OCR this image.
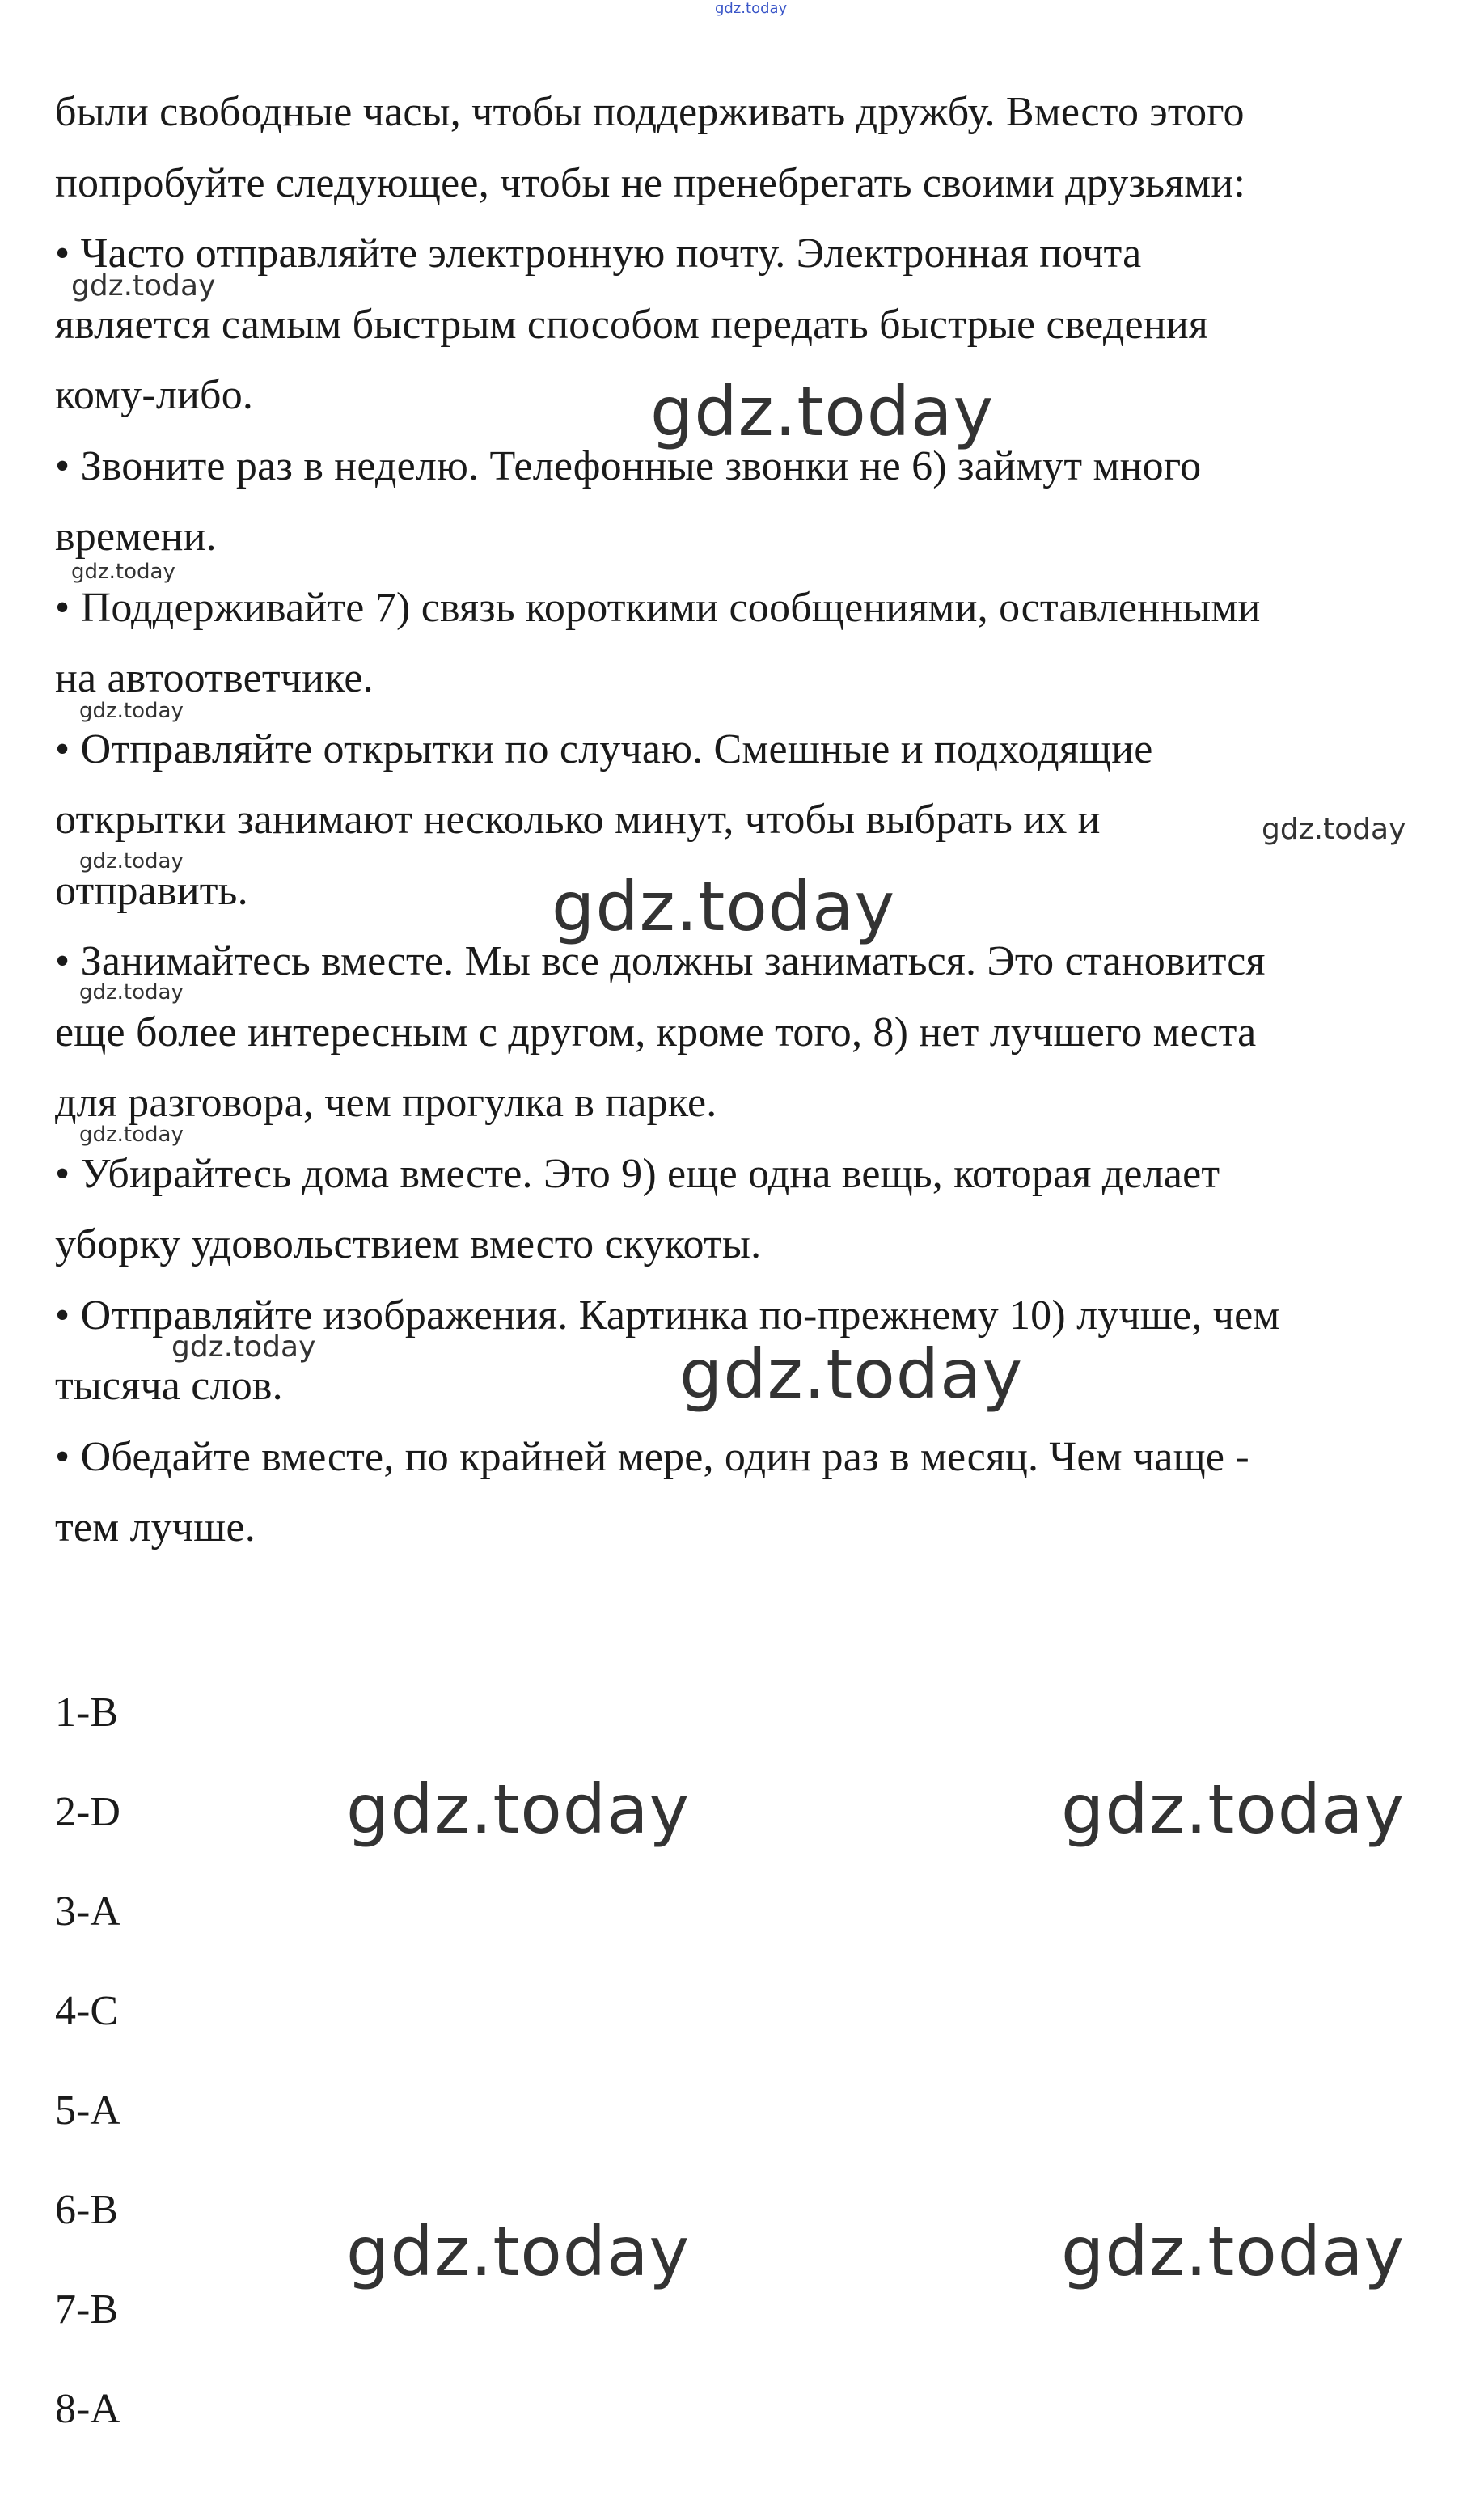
gdz.today
были свободные часы, чтобы поддерживать дружбу. Вместо этого
попробуйте следующее, чтобы не пренебрегать своими друзьями:
• Часто отправляйте электронную почту. Электронная почта
является самым быстрым способом передать быстрые сведения
кому-либо.
• Звоните раз в неделю. Телефонные звонки не 6) займут много
времени.
• Поддерживайте 7) связь короткими сообщениями, оставленными
на автоответчике.
• Отправляйте открытки по случаю. Смешные и подходящие
открытки занимают несколько минут, чтобы выбрать их и
отправить.
• Занимайтесь вместе. Мы все должны заниматься. Это становится
еще более интересным с другом, кроме того, 8) нет лучшего места
для разговора, чем прогулка в парке.
• Убирайтесь дома вместе. Это 9) еще одна вещь, которая делает
уборку удовольствием вместо скукоты.
• Отправляйте изображения. Картинка по-прежнему 10) лучше, чем
тысяча слов.
• Обедайте вместе, по крайней мере, один раз в месяц. Чем чаще -
тем лучше.
1-B
2-D
3-A
4-C
5-A
6-B
7-B
8-A
gdz.today
gdz.today
gdz.today
gdz.today
gdz.today
gdz.today
gdz.today
gdz.today
gdz.today
gdz.today	gdz.today
gdz.today	gdz.today
gdz.today	gdz.today
